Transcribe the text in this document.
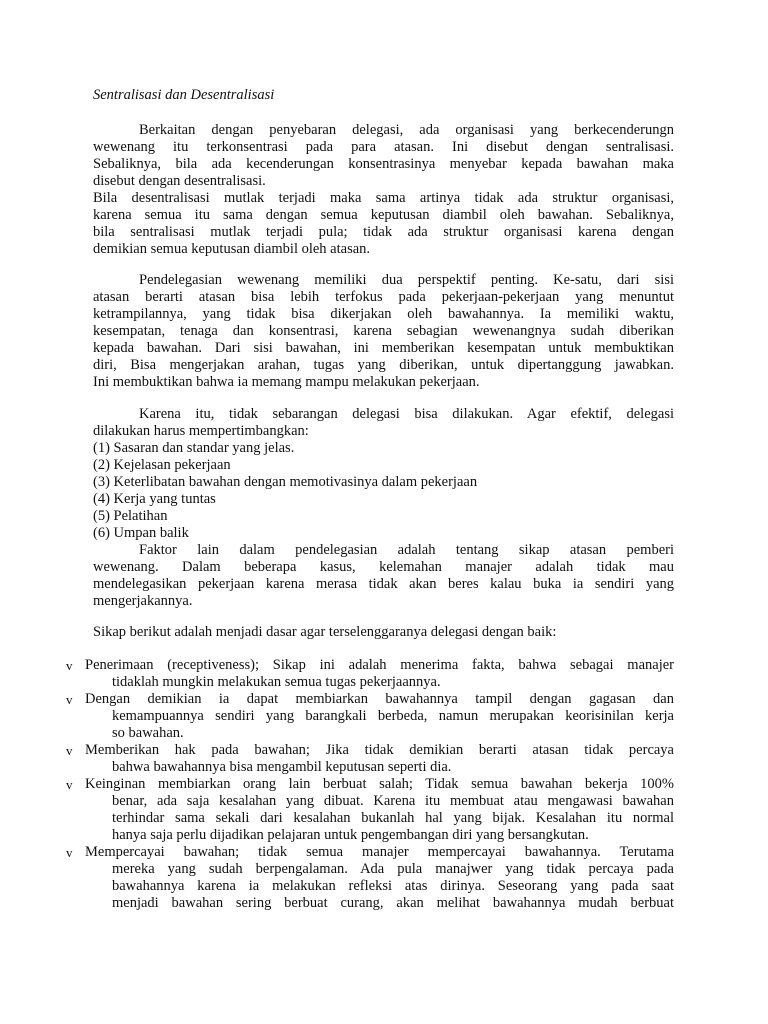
Sentralisasi dan Desentralisasi

Berkaitan dengan penyebaran delegasi, ada organisasi yang berkecenderungn
wewenang itu terkonsentrasi pada para atasan. Ini disebut dengan sentralisasi.
Sebaliknya, bila ada kecenderungan konsentrasinya menyebar kepada bawahan maka
disebut dengan desentralisasi.
Bila desentralisasi mutlak terjadi maka sama artinya tidak ada struktur organisasi,
karena semua itu sama dengan semua keputusan diambil oleh bawahan. Sebaliknya,
bila sentralisasi mutlak terjadi pula; tidak ada struktur organisasi karena dengan
demikian semua keputusan diambil oleh atasan.
Pendelegasian wewenang memiliki dua perspektif penting. Ke-satu, dari sisi
atasan berarti atasan bisa lebih terfokus pada pekerjaan-pekerjaan yang menuntut
ketrampilannya, yang tidak bisa dikerjakan oleh bawahannya. Ia memiliki waktu,
kesempatan, tenaga dan konsentrasi, karena sebagian wewenangnya sudah diberikan
kepada bawahan. Dari sisi bawahan, ini memberikan kesempatan untuk membuktikan
diri, Bisa mengerjakan arahan, tugas yang diberikan, untuk dipertanggung jawabkan.
Ini membuktikan bahwa ia memang mampu melakukan pekerjaan.
Karena itu, tidak sebarangan delegasi bisa dilakukan. Agar efektif, delegasi
dilakukan harus mempertimbangkan:
(1) Sasaran dan standar yang jelas.
(2) Kejelasan pekerjaan
(3) Keterlibatan bawahan dengan memotivasinya dalam pekerjaan
(4) Kerja yang tuntas
(5) Pelatihan
(6) Umpan balik
Faktor lain dalam pendelegasian adalah tentang sikap atasan pemberi
wewenang. Dalam beberapa kasus, kelemahan manajer adalah tidak mau
mendelegasikan pekerjaan karena merasa tidak akan beres kalau buka ia sendiri yang
mengerjakannya.
Sikap berikut adalah menjadi dasar agar terselenggaranya delegasi dengan baik:
v Penerimaan (receptiveness); Sikap ini adalah menerima fakta, bahwa sebagai manajer
tidaklah mungkin melakukan semua tugas pekerjaannya.
v Dengan demikian ia dapat membiarkan bawahannya tampil dengan gagasan dan
kemampuannya sendiri yang barangkali berbeda, namun merupakan keorisinilan kerja
so bawahan.
v Memberikan hak pada bawahan; Jika tidak demikian berarti atasan tidak percaya
bahwa bawahannya bisa mengambil keputusan seperti dia.
v Keinginan membiarkan orang lain berbuat salah; Tidak semua bawahan bekerja 100%
benar, ada saja kesalahan yang dibuat. Karena itu membuat atau mengawasi bawahan
terhindar sama sekali dari kesalahan bukanlah hal yang bijak. Kesalahan itu normal
hanya saja perlu dijadikan pelajaran untuk pengembangan diri yang bersangkutan.
v Mempercayai bawahan; tidak semua manajer mempercayai bawahannya. Terutama
mereka yang sudah berpengalaman. Ada pula manajwer yang tidak percaya pada
bawahannya karena ia melakukan refleksi atas dirinya. Seseorang yang pada saat
menjadi bawahan sering berbuat curang, akan melihat bawahannya mudah berbuat
